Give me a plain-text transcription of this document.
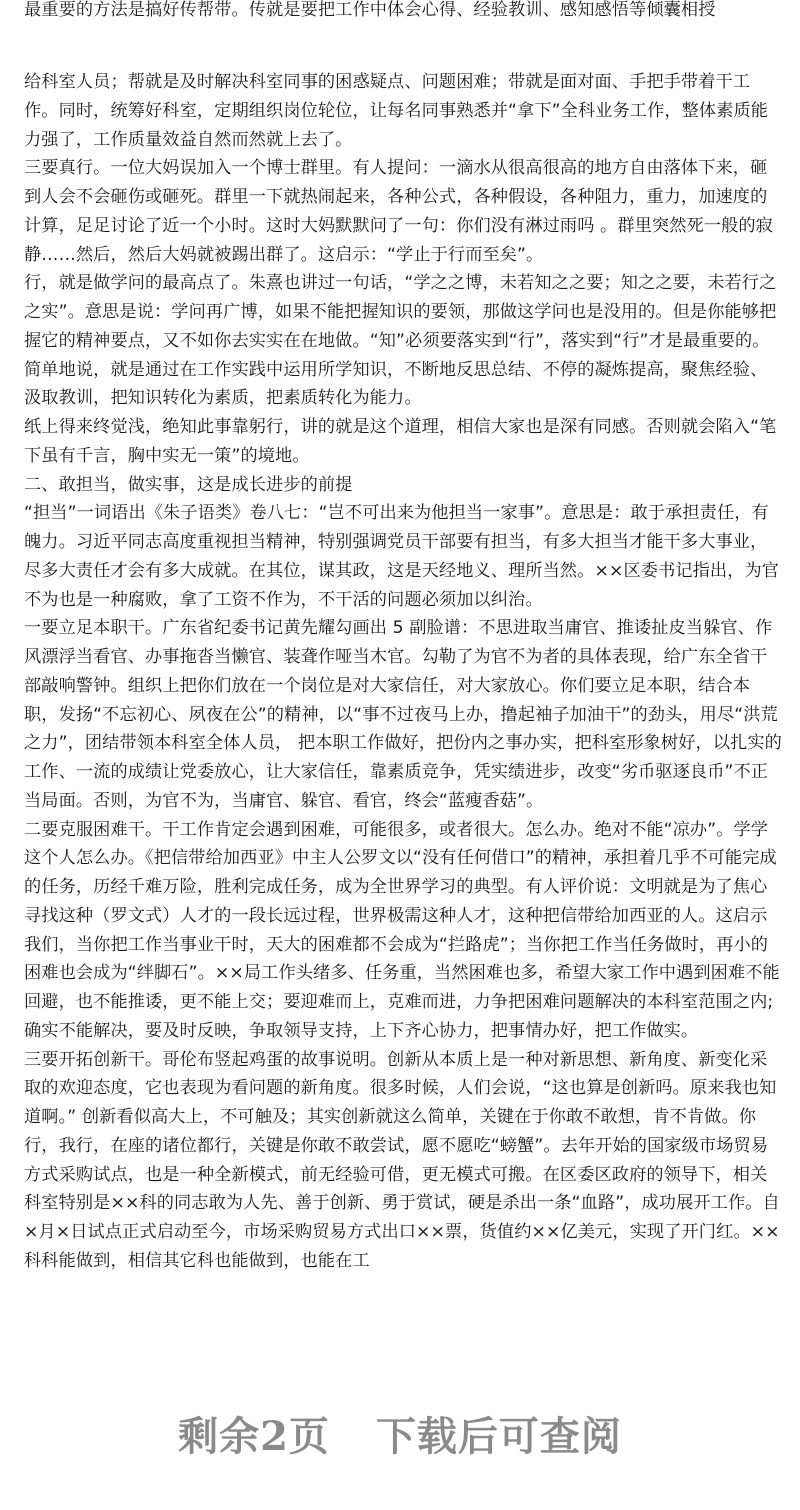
最重要的方法是搞好传帮带。传就是要把工作中体会心得、经验教训、感知感悟等倾囊相授

给科室人员；帮就是及时解决科室同事的困惑疑点、问题困难；带就是面对面、手把手带着干工作。同时，统筹好科室，定期组织岗位轮位，让每名同事熟悉并“拿下”全科业务工作，整体素质能力强了，工作质量效益自然而然就上去了。

三要真行。一位大妈误加入一个博士群里。有人提问：一滴水从很高很高的地方自由落体下来，砸到人会不会砸伤或砸死。群里一下就热闹起来，各种公式，各种假设，各种阻力，重力，加速度的计算，足足讨论了近一个小时。这时大妈默默问了一句：你们没有淋过雨吗 。群里突然死一般的寂静……然后，然后大妈就被踢出群了。这启示：“学止于行而至矣”。

行，就是做学问的最高点了。朱熹也讲过一句话，“学之之博，未若知之之要；知之之要，未若行之之实”。意思是说：学问再广博，如果不能把握知识的要领，那做这学问也是没用的。但是你能够把握它的精神要点，又不如你去实实在在地做。“知”必须要落实到“行”，落实到“行”才是最重要的。简单地说，就是通过在工作实践中运用所学知识，不断地反思总结、不停的凝炼提高，聚焦经验、汲取教训，把知识转化为素质，把素质转化为能力。

纸上得来终觉浅，绝知此事靠躬行，讲的就是这个道理，相信大家也是深有同感。否则就会陷入“笔下虽有千言，胸中实无一策”的境地。

二、敢担当，做实事，这是成长进步的前提

“担当”一词语出《朱子语类》卷八七：“岂不可出来为他担当一家事”。意思是：敢于承担责任，有魄力。习近平同志高度重视担当精神，特别强调党员干部要有担当，有多大担当才能干多大事业，尽多大责任才会有多大成就。在其位，谋其政，这是天经地义、理所当然。××区委书记指出，为官不为也是一种腐败，拿了工资不作为，不干活的问题必须加以纠治。

一要立足本职干。广东省纪委书记黄先耀勾画出 5 副脸谱：不思进取当庸官、推诿扯皮当躲官、作风漂浮当看官、办事拖沓当懒官、装聋作哑当木官。勾勒了为官不为者的具体表现，给广东全省干部敲响警钟。组织上把你们放在一个岗位是对大家信任，对大家放心。你们要立足本职，结合本职，发扬“不忘初心、夙夜在公”的精神，以“事不过夜马上办，撸起袖子加油干”的劲头，用尽“洪荒之力”，团结带领本科室全体人员， 把本职工作做好，把份内之事办实，把科室形象树好，以扎实的工作、一流的成绩让党委放心，让大家信任，靠素质竞争，凭实绩进步，改变“劣币驱逐良币”不正当局面。否则，为官不为，当庸官、躲官、看官，终会“蓝瘦香菇”。

二要克服困难干。干工作肯定会遇到困难，可能很多，或者很大。怎么办。绝对不能“凉办”。学学这个人怎么办。《把信带给加西亚》中主人公罗文以“没有任何借口”的精神，承担着几乎不可能完成的任务，历经千难万险，胜利完成任务，成为全世界学习的典型。有人评价说：文明就是为了焦心寻找这种（罗文式）人才的一段长远过程，世界极需这种人才，这种把信带给加西亚的人。这启示我们，当你把工作当事业干时，天大的困难都不会成为“拦路虎”；当你把工作当任务做时，再小的困难也会成为“绊脚石”。××局工作头绪多、任务重，当然困难也多，希望大家工作中遇到困难不能回避，也不能推诿，更不能上交；要迎难而上，克难而进，力争把困难问题解决的本科室范围之内;确实不能解决，要及时反映，争取领导支持，上下齐心协力，把事情办好，把工作做实。

三要开拓创新干。哥伦布竖起鸡蛋的故事说明。创新从本质上是一种对新思想、新角度、新变化采取的欢迎态度，它也表现为看问题的新角度。很多时候，人们会说，“这也算是创新吗。原来我也知道啊。” 创新看似高大上，不可触及；其实创新就这么简单，关键在于你敢不敢想，肯不肯做。你行，我行，在座的诸位都行，关键是你敢不敢尝试，愿不愿吃“螃蟹”。去年开始的国家级市场贸易方式采购试点，也是一种全新模式，前无经验可借，更无模式可搬。在区委区政府的领导下，相关科室特别是××科的同志敢为人先、善于创新、勇于赏试，硬是杀出一条“血路”，成功展开工作。自×月×日试点正式启动至今，市场采购贸易方式出口××票，货值约××亿美元，实现了开门红。××科科能做到，相信其它科也能做到，也能在工

剩余2页 下载后可查阅
